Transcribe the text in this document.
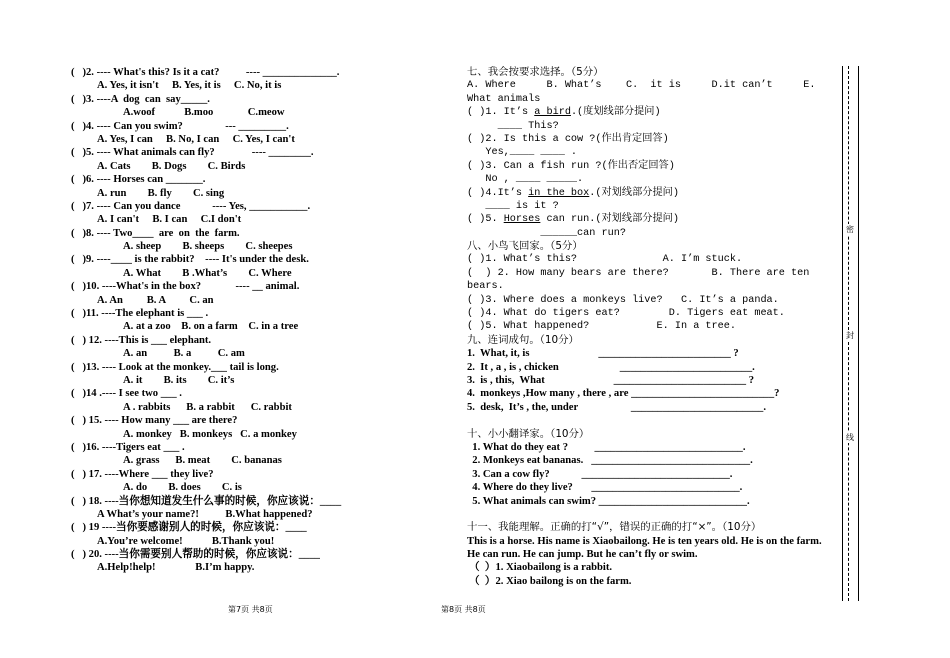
(   )2. ---- What's this? Is it a cat?          ---- ______________.
A. Yes, it isn't     B. Yes, it is     C. No, it is
(   )3. ----A  dog  can  say_____.
A.woof           B.moo             C.meow
(   )4. ---- Can you swim?                --- _________.
A. Yes, I can     B. No, I can     C. Yes, I can't
(   )5. ---- What animals can fly?              ---- ________.
A. Cats        B. Dogs        C. Birds
(   )6. ---- Horses can _______.
A. run        B. fly        C. sing
(   )7. ---- Can you dance            ---- Yes, ___________.
A. I can't     B. I can     C.I don't
(   )8. ---- Two____  are  on  the  farm.
A. sheep        B. sheeps        C. sheepes
(   )9. ----____ is the rabbit?    ---- It's under the desk.
A. What        B .What’s        C. Where
(   )10. ----What's in the box?             ---- __ animal.
A. An         B. A         C. an
(   )11. ----The elephant is ___ .
A. at a zoo    B. on a farm    C. in a tree
(   ) 12. ----This is ___ elephant.
A. an          B. a          C. am
(   )13. ---- Look at the monkey.___ tail is long.
A. it        B. its        C. it’s
(   )14 .---- I see two ___ .
A . rabbits      B. a rabbit      C. rabbit
(   ) 15. ---- How many ___ are there?
A. monkey   B. monkeys   C. a monkey
(   )16. ----Tigers eat ___ .
A. grass      B. meat        C. bananas
(   ) 17. ----Where ___ they live?
A. do        B. does        C. is
(   ) 18. ----当你想知道发生什么事的时候，你应该说：____
A What’s your name?!          B.What happened?
(   ) 19 ----当你要感谢别人的时候，你应该说：____
A.You’re welcome!           B.Thank you!
(   ) 20. ----当你需要别人帮助的时候，你应该说：____
A.Help!help!               B.I’m happy.
七、我会按要求选择。（5分）
A. Where     B. What’s    C.  it is     D.it can’t     E.
What animals
( )1. It’s a bird.(度划线部分提问)
____ This?
( )2. Is this a cow ?(作出肯定回答)
Yes,____ ____ .
( )3. Can a fish run ?(作出否定回答)
No , ____ _____.
( )4.It’s in the box.(对划线部分提问)
____ is it ?
( )5. Horses can run.(对划线部分提问)
______can run?
八、小鸟飞回家。（5分）
( )1. What’s this?              A. I’m stuck.
(  ) 2. How many bears are there?       B. There are ten
bears.
( )3. Where does a monkeys live?   C. It’s a panda.
( )4. What do tigers eat?        D. Tigers eat meat.
( )5. What happened?           E. In a tree.
九、连词成句。（10分）
1.  What, it, is                          _________________________ ?
2.  It , a , is , chicken                       _________________________.
3.  is , this,  What                          _________________________ ?
4.  monkeys ,How many , there , are ___________________________?
5.  desk,  It’s , the, under                    _________________________.
十、小小翻译家。（10分）
1. What do they eat ?          ____________________________.
2. Monkeys eat bananas.   ______________________________.
3. Can a cow fly?            ____________________________.
4. Where do they live?       ____________________________.
5. What animals can swim? ____________________________.
十一、我能理解。正确的打“√”，错误的正确的打“×”。（10分）
This is a horse. His name is Xiaobailong. He is ten years old. He is on the farm. He can run. He can jump. But he can’t fly or swim.
（  ）1. Xiaobailong is a rabbit.
（  ）2. Xiao bailong is on the farm.
密
封
线
第7页 共8页	第8页 共8页
